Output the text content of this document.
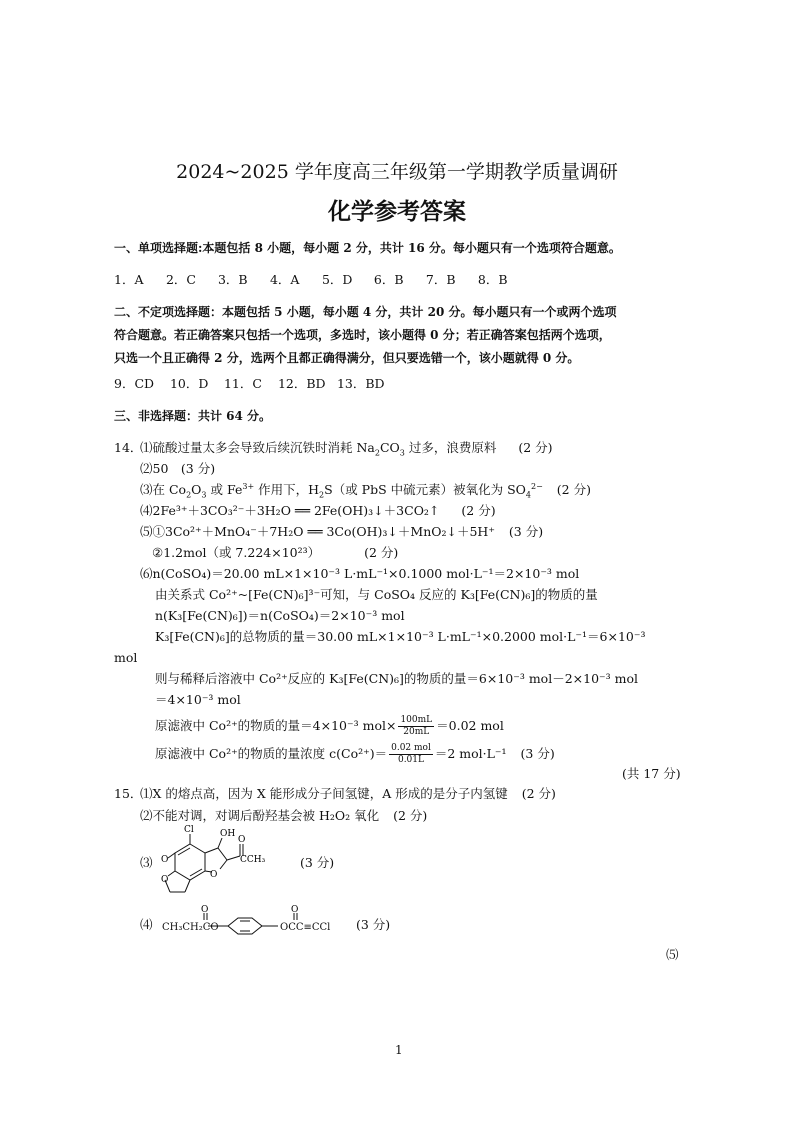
2024~2025 学年度高三年级第一学期教学质量调研
化学参考答案
一、单项选择题:本题包括 8 小题，每小题 2 分，共计 16 分。每小题只有一个选项符合题意。
1．A 2．C 3．B 4．A 5．D 6．B 7．B 8．B
二、不定项选择题：本题包括 5 小题，每小题 4 分，共计 20 分。每小题只有一个或两个选项
符合题意。若正确答案只包括一个选项，多选时，该小题得 0 分；若正确答案包括两个选项，
只选一个且正确得 2 分，选两个且都正确得满分，但只要选错一个，该小题就得 0 分。
9．CD 10．D 11．C 12．BD 13．BD
三、非选择题：共计 64 分。
14．
⑴硫酸过量太多会导致后续沉铁时消耗 $Na_2CO_3$ 过多，浪费原料 (2 分)
⑵50　(3 分)
⑶在 $Co_2O_3$ 或 $Fe^{3+}$ 作用下，$H_2S$（或 PbS 中硫元素）被氧化为 $SO_4^{2-}$ (2 分)
⑷2Fe³⁺＋3CO₃²⁻＋3H₂O ══ 2Fe(OH)₃↓＋3CO₂↑ (2 分)
⑸①3Co²⁺＋MnO₄⁻＋7H₂O ══ 3Co(OH)₃↓＋MnO₂↓＋5H⁺ (3 分)
②1.2mol（或 7.224×10²³）	(2 分)
⑹n(CoSO₄)＝20.00 mL×1×10⁻³ L·mL⁻¹×0.1000 mol·L⁻¹＝2×10⁻³ mol
由关系式 Co²⁺~[Fe(CN)₆]³⁻可知，与 CoSO₄ 反应的 K₃[Fe(CN)₆]的物质的量
n(K₃[Fe(CN)₆])＝n(CoSO₄)＝2×10⁻³ mol
K₃[Fe(CN)₆]的总物质的量＝30.00 mL×1×10⁻³ L·mL⁻¹×0.2000 mol·L⁻¹＝6×10⁻³
mol
则与稀释后溶液中 Co²⁺反应的 K₃[Fe(CN)₆]的物质的量＝6×10⁻³ mol－2×10⁻³ mol
＝4×10⁻³ mol
原滤液中 Co²⁺的物质的量＝4×10⁻³ $mol\times \frac{100mL}{20mL} =0.02$ mol
原滤液中 Co²⁺的物质的量浓度 $c(Co^{2+})= \frac{\text{0.02 mol}}{0.01L} =2$ mol·L⁻¹ (3 分)
(共 17 分)
15．
⑴X 的熔点高，因为 X 能形成分子间氢键，A 形成的是分子内氢键 (2 分)
⑵不能对调，对调后酚羟基会被 H₂O₂ 氧化 (2 分)
⑶
Cl	OH
O
CCH₃
O
O
O
(3 分)
⑷ CH₃CH₂CO
O	O
OCC≡CCl (3 分)
⑸
1
